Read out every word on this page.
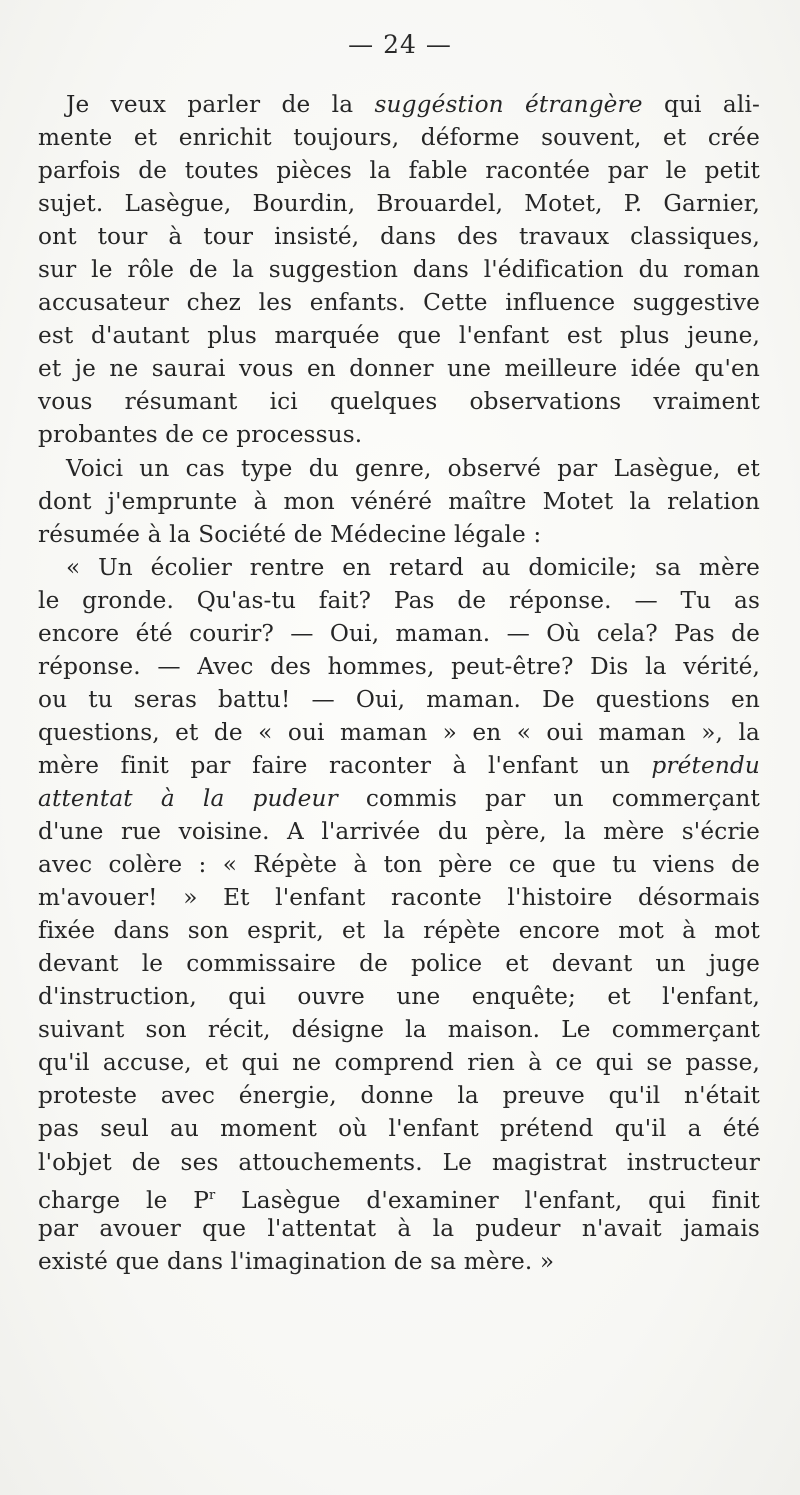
— 24 —
Je veux parler de la suggéstion étrangère qui ali-
mente et enrichit toujours, déforme souvent, et crée
parfois de toutes pièces la fable racontée par le petit
sujet. Lasègue, Bourdin, Brouardel, Motet, P. Garnier,
ont tour à tour insisté, dans des travaux classiques,
sur le rôle de la suggestion dans l'édification du roman
accusateur chez les enfants. Cette influence suggestive
est d'autant plus marquée que l'enfant est plus jeune,
et je ne saurai vous en donner une meilleure idée qu'en
vous résumant ici quelques observations vraiment
probantes de ce processus.
Voici un cas type du genre, observé par Lasègue, et
dont j'emprunte à mon vénéré maître Motet la relation
résumée à la Société de Médecine légale :
« Un écolier rentre en retard au domicile; sa mère
le gronde. Qu'as-tu fait? Pas de réponse. — Tu as
encore été courir? — Oui, maman. — Où cela? Pas de
réponse. — Avec des hommes, peut-être? Dis la vérité,
ou tu seras battu! — Oui, maman. De questions en
questions, et de « oui maman » en « oui maman », la
mère finit par faire raconter à l'enfant un prétendu
attentat à la pudeur commis par un commerçant
d'une rue voisine. A l'arrivée du père, la mère s'écrie
avec colère : « Répète à ton père ce que tu viens de
m'avouer! » Et l'enfant raconte l'histoire désormais
fixée dans son esprit, et la répète encore mot à mot
devant le commissaire de police et devant un juge
d'instruction, qui ouvre une enquête; et l'enfant,
suivant son récit, désigne la maison. Le commerçant
qu'il accuse, et qui ne comprend rien à ce qui se passe,
proteste avec énergie, donne la preuve qu'il n'était
pas seul au moment où l'enfant prétend qu'il a été
l'objet de ses attouchements. Le magistrat instructeur
charge le $P^r$ Lasègue d'examiner l'enfant, qui finit
par avouer que l'attentat à la pudeur n'avait jamais
existé que dans l'imagination de sa mère. »
